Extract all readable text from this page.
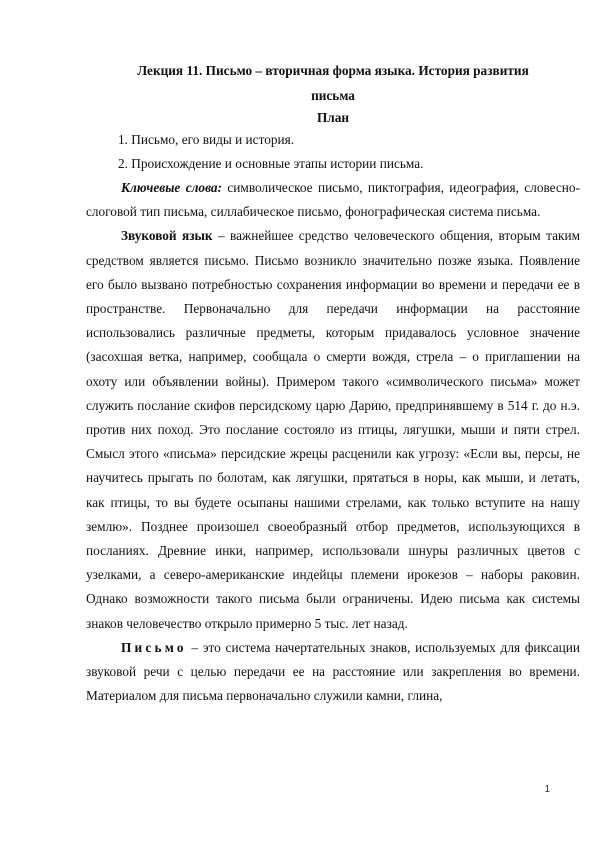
Лекция 11. Письмо – вторичная форма языка. История развития
письма
План
1. Письмо, его виды и история.
2. Происхождение и основные этапы истории письма.

Ключевые слова: символическое письмо, пиктография, идеография, словесно-слоговой тип письма, силлабическое письмо, фонографическая система письма.

Звуковой язык – важнейшее средство человеческого общения, вторым таким средством является письмо. Письмо возникло значительно позже языка. Появление его было вызвано потребностью сохранения информации во времени и передачи ее в пространстве. Первоначально для передачи информации на расстояние использовались различные предметы, которым придавалось условное значение (засохшая ветка, например, сообщала о смерти вождя, стрела – о приглашении на охоту или объявлении войны). Примером такого «символического письма» может служить послание скифов персидскому царю Дарию, предпринявшему в 514 г. до н.э. против них поход. Это послание состояло из птицы, лягушки, мыши и пяти стрел. Смысл этого «письма» персидские жрецы расценили как угрозу: «Если вы, персы, не научитесь прыгать по болотам, как лягушки, прятаться в норы, как мыши, и летать, как птицы, то вы будете осыпаны нашими стрелами, как только вступите на нашу землю». Позднее произошел своеобразный отбор предметов, использующихся в посланиях. Древние инки, например, использовали шнуры различных цветов с узелками, а северо-американские индейцы племени ирокезов – наборы раковин. Однако возможности такого письма были ограничены. Идею письма как системы знаков человечество открыло примерно 5 тыс. лет назад.

Письмо – это система начертательных знаков, используемых для фиксации звуковой речи с целью передачи ее на расстояние или закрепления во времени. Материалом для письма первоначально служили камни, глина,

1
